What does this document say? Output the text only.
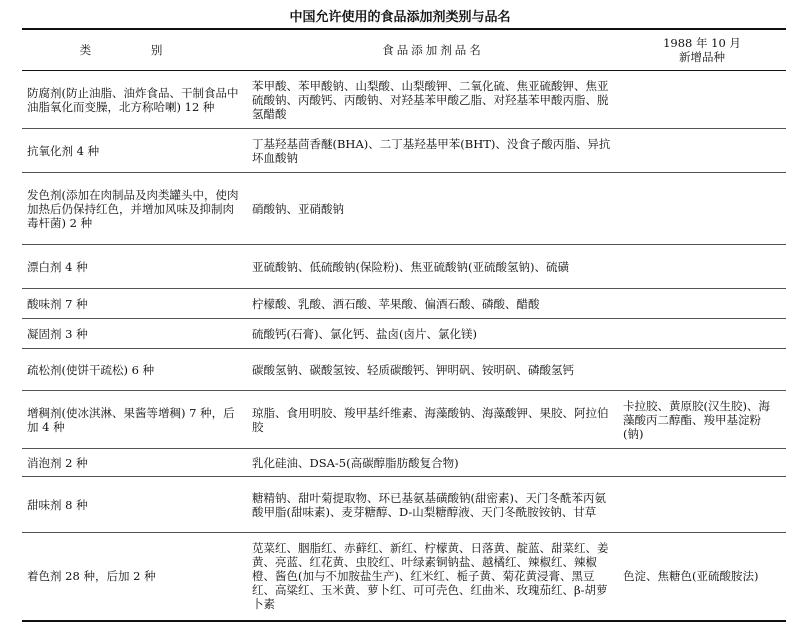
中国允许使用的食品添加剂类别与品名
类 别	食品添加剂品名	1988 年 10 月
新增品种

防腐剂(防止油脂、油炸食品、干制食品中油脂氧化而变臊，北方称哈喇) 12 种	苯甲酸、苯甲酸钠、山梨酸、山梨酸钾、二氧化硫、焦亚硫酸钾、焦亚硫酸钠、丙酸钙、丙酸钠、对羟基苯甲酸乙脂、对羟基苯甲酸丙脂、脱氢醋酸	
抗氧化剂 4 种	丁基羟基茴香醚(BHA)、二丁基羟基甲苯(BHT)、没食子酸丙脂、异抗坏血酸钠	
发色剂(添加在肉制品及肉类罐头中，使肉加热后仍保持红色，并增加风味及抑制肉毒杆菌) 2 种	硝酸钠、亚硝酸钠	
漂白剂 4 种	亚硫酸钠、低硫酸钠(保险粉)、焦亚硫酸钠(亚硫酸氢钠)、硫磺	
酸味剂 7 种	柠檬酸、乳酸、酒石酸、苹果酸、偏酒石酸、磷酸、醋酸	
凝固剂 3 种	硫酸钙(石膏)、氯化钙、盐卤(卤片、氯化镁)	
疏松剂(使饼干疏松) 6 种	碳酸氢钠、碳酸氢铵、轻质碳酸钙、钾明矾、铵明矾、磷酸氢钙	
增稠剂(使冰淇淋、果酱等增稠) 7 种，后加 4 种	琼脂、食用明胶、羧甲基纤维素、海藻酸钠、海藻酸钾、果胶、阿拉伯胶	卡拉胶、黄原胶(汉生胶)、海藻酸丙二醇酯、羧甲基淀粉(钠)
消泡剂 2 种	乳化硅油、DSA-5(高碳醇脂肪酸复合物)	
甜味剂 8 种	糖精钠、甜叶菊提取物、环已基氨基磺酸钠(甜密素)、天门冬酰苯丙氨酸甲脂(甜味素)、麦芽糖醇、D-山梨糖醇液、天门冬酰胺铵钠、甘草	
着色剂 28 种，后加 2 种	苋菜红、胭脂红、赤藓红、新红、柠檬黄、日落黄、靛蓝、甜菜红、姜黄、亮蓝、红花黄、虫胶红、叶绿素铜钠盐、越橘红、辣椒红、辣椒橙、酱色(加与不加胺盐生产)、红米红、栀子黄、菊花黄浸膏、黑豆红、高粱红、玉米黄、萝卜红、可可壳色、红曲米、玫瑰茄红、β-胡萝卜素	色淀、焦糖色(亚硫酸胺法)
